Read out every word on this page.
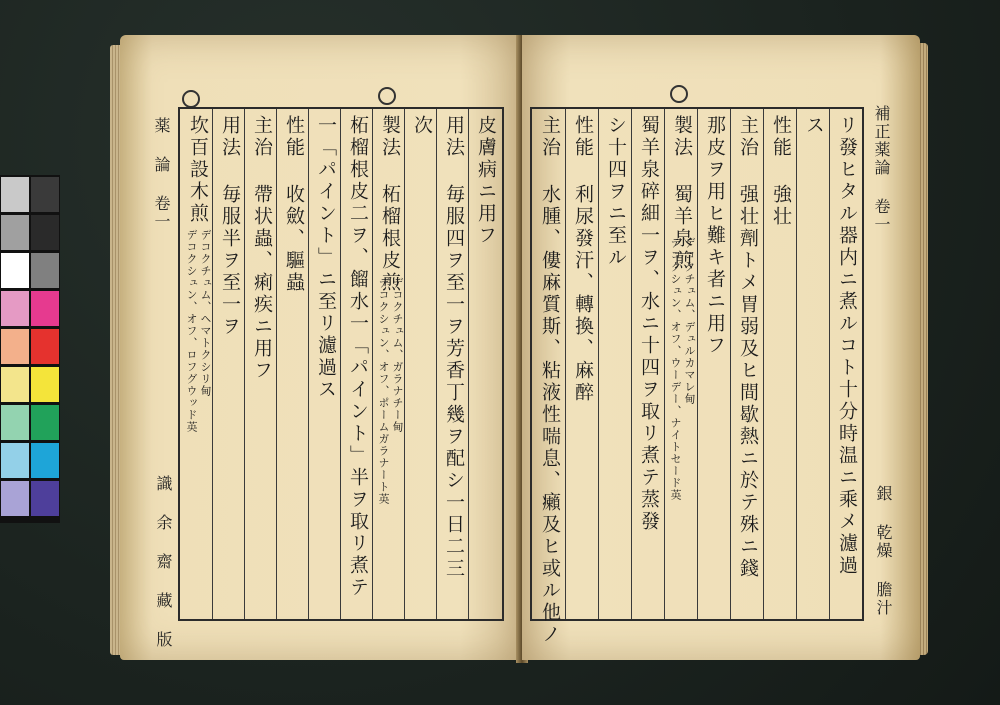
薬 論 卷一
識 余 齋 藏 版
皮膚病ニ用フ
用法 毎服四ヲ至一ヲ芳香丁幾ヲ配シ一日二三
次
製法 柘榴根皮煎
デコクチュム、ガラナチー甸
デコクシュン、オフ、ポームガラナート英
柘榴根皮二ヲ、餾水一「パイント」半ヲ取リ煮テ
一「パイント」ニ至リ濾過ス
性能 收斂、驅蟲
主治 帶状蟲、痢疾ニ用フ
用法 毎服半ヲ至一ヲ
坎百設木煎
デコクチュム、ヘマトクシリ甸
デコクシュン、オフ、ロフグウッド英	リ發ヒタル器内ニ煮ルコト十分時温ニ乘メ濾過
ス
性能 強壮
主治 强壮劑トメ胃弱及ヒ間歇熱ニ於テ殊ニ錢
那皮ヲ用ヒ難キ者ニ用フ
製法 蜀羊泉煎
デコクチュム、デュルカマレ甸
デコクシュン、オフ、ウーデー、ナイトセード英
蜀羊泉碎細一ヲ、水ニ十四ヲ取リ煮テ蒸發
シ十四ヲニ至ル
性能 利尿發汗、轉換、麻醉
主治 水腫、僂麻質斯、粘液性喘息、癩及ヒ或ル他ノ	補正薬論 卷一
銀 乾燥 膽汁
